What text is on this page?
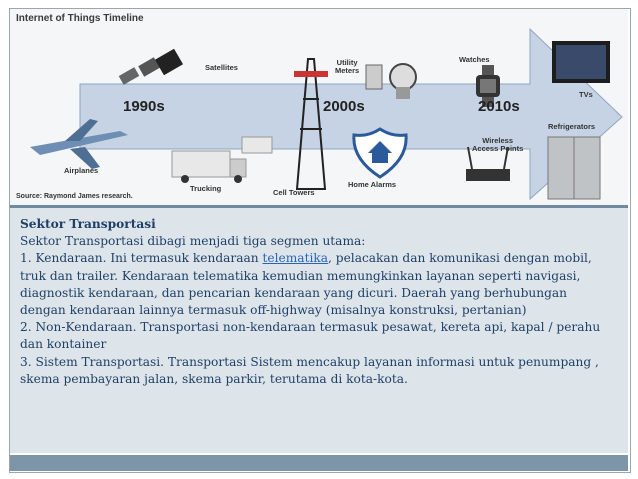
Internet of Things Timeline
1990s	2000s	2010s
Satellites
Utility
Meters
Watches
TVs
Refrigerators
Wireless
Access Points
Airplanes
Trucking	Cell Towers
Home Alarms
Source: Raymond James research.

Sektor Transportasi

Sektor Transportasi dibagi menjadi tiga segmen utama:

1. Kendaraan. Ini termasuk kendaraan telematika, pelacakan dan komunikasi dengan mobil, truk dan trailer. Kendaraan telematika kemudian memungkinkan layanan seperti navigasi, diagnostik kendaraan, dan pencarian kendaraan yang dicuri. Daerah yang berhubungan dengan kendaraan lainnya termasuk off-highway (misalnya konstruksi, pertanian)

2. Non-Kendaraan. Transportasi non-kendaraan termasuk pesawat, kereta api, kapal / perahu dan kontainer

3. Sistem Transportasi. Transportasi Sistem mencakup layanan informasi untuk penumpang , skema pembayaran jalan, skema parkir, terutama di kota-kota.
